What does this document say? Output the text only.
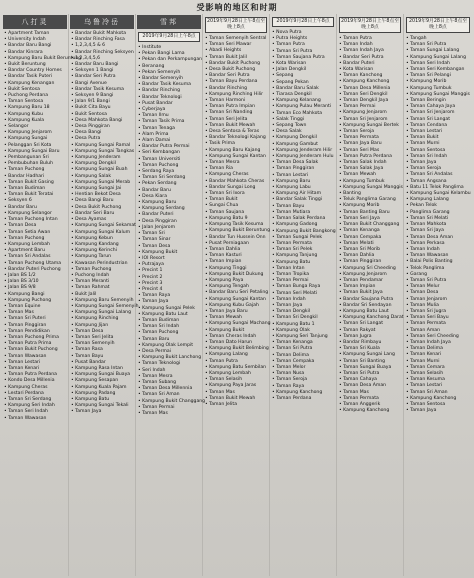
受影响的地区和时期
八打灵
• Apartment Taman
• University Indah
• Bandar Baru Bangi
• Bandar Kinrara
• Kampung Baru Bukit Beruntung
• Bukit Beruntung
• Bandar Country Homes
• Bandar Tasik Puteri
• Kampung Kenangan
• Bukit Sentosa
• Puchong Perdana
• Taman Sentosa
• Kampung Baru 18
• Kampung Kubu
• Kampung Kuala
• Selangor
• Kampung Jenjarom
• Kampung Sungai
• Pelanggan Sri Kota
• Kampung Sungai Baru
• Pembangunan Sri
• Pembubuhan Buluh
• Taman Puchong
• Bandar Hadhari
• Taman Bukit Gasing
• Taman Budiman
• Taman Bukit Teratai
• Seksyen 6
• Bandar Baru
• Kampung Selangor
• Taman Puchong Intan
• Taman Desa
• Taman Setia Awan
• Taman Puchong
• Kampung Lembah
• Apartment Baru
• Taman Sri Andalas
• Taman Puchong Utama
• Bandar Puteri Puchong
• Jalan BS 1/2
• Jalan BS 3/10
• Jalan BS 9/8
• Kampung Bangi
• Kampung Puchong
• Taman Equine
• Taman Mas
• Taman Sri Puteri
• Taman Pinggiran
• Taman Pendidikan
• Taman Puchong Prima
• Taman Putra Prima
• Taman Bukit Puchong
• Taman Wawasan
• Taman Lestari
• Taman Kenari
• Taman Putra Perdana
• Kondo Desa Millenia
• Kampung Cheras
• Lestari Perdana
• Taman Sri Serdang
• Kampung Seri Indah
• Taman Seri Indah
• Taman Wawasan
乌鲁冷岳
• Bandar Bukit Mahkota
• Bandar Rinching Fasa
• 1,2,3,4,5 & 6
• Bandar Rinching Seksyen
• 1,2,3,4,5,6
• Bandar Baru Bangi
• Seksyen 1 Bangi
• Bandar Seri Putra
• Bangi Avenue
• Bandar Tasik Kesuma
• Seksyen 9 Bangi
• Jalan 9/1 Bangi
• Bukit Cita Bayu
• Bukit Sentosa
• Desa Mahkota Bangi
• Desa Pinggiran
• Desa Bangi
• Desa Putra
• Kampung Sungai Ramal
• Kampung Sungai Tangkas
• Kampung Jenderam
• Kampung Dengkil
• Kampung Sungai Buah
• Kampung Salak
• Kampung Sungai Merab
• Kampung Sungai Jai
• Hentian Bekot Desa
• Desa Bangi Baru
• Desa Bukit Puchong
• Bandar Seri Baru
• Desa Ayamas
• Kampung Sungai Sekamat
• Kampung Sungai Kalum
• Kampung Kebun
• Kampung Kandang
• Kampung Kerinchi
• Kampung Tarun
• Kawasan Perindustrian
• Taman Puchong
• Puchong Indah
• Taman Meranti
• Taman Rahmat
• Bukit Jalil
• Kampung Baru Semenyih
• Kampung Sungai Semenyih
• Kampung Sungai Lalang
• Kampung Rinching
• Kampung Jijan
• Taman Desa
• Taman Seri Jelita
• Taman Semenyih
• Taman Rasa
• Taman Bayu
• Pusat Bandar
• Kampung Rasa Intan
• Kampung Sungai Buaya
• Kampung Sesapan
• Kampung Kuala Pajam
• Kampung Padang
• Kampung Batu
• Kampung Sungai Tekali
• Taman Jaya
雪邦
2019年9月28日上午8点
• Institute
• Pekan Bangi Lama
• Pekan dan Perkampungan
• Beranang
• Pekan Semenyih
• Bandar Semenyih
• Bandar Tasik Kesuma
• Bandar Rinching
• Bandar Teknologi
• Pusat Bandar
• Cyberjaya
• Taman Ilmu
• Taman Tasik Prima
• Taman Tenaga
• Alam Prima
• Alam Damai
• Bandar Putra Permai
• Seri Kembangan
• Taman Universiti
• Taman Puchong
• Serdang Raya
• Taman Sri Serdang
• Pekan Serdang
• Bandar Baru
• Desa Kiara
• Kampung Baru
• Kampung Serdang
• Bandar Puteri
• Desa Pinggiran
• Jalan Jenjarom
• Taman Sri
• Taman Sinar
• Taman Desa
• Kampung Bukit
• IOI Resort
• Putrajaya
• Precint 1
• Precint 2
• Precint 3
• Precint 4
• Taman Raya
• Taman Jaya
• Kampung Sungai Pelek
• Kampung Batu Laut
• Taman Budiman
• Taman Sri Indah
• Taman Puchong
• Taman Baru
• Kampung Olak Lempit
• Desa Permai
• Kampung Bukit Lanchong
• Taman Teknologi
• Seri Indah
• Taman Mesra
• Taman Subang
• Taman Desa Millennia
• Taman Sri Aman
• Kampung Bukit Changgang
• Taman Permai
• Taman Mas
2019年9月28日上午8点至晚上8点
• Taman Semenyih Sentral
• Taman Seri Mawar
• Abadi Heights
• Taman Bukit Jalil
• Bandar Bukit Puchong
• Desa Bukit Puchong
• Bandar Seri Putra
• Taman Bayu Perdana
• Bandar Rinching
• Kampung Rinching Hilir
• Taman Harmoni
• Taman Putra Impian
• Taman Sri Nanding
• Taman Seri Jelita
• Taman Bukit Mewah
• Desa Sentosa & Teras
• Bandar Teknologi Kajang
• Tasik Prima
• Kampung Baru Kajang
• Kampung Sungai Kantan
• Taman Mesra
• Taman Ria
• Kampung Cheras
• Bandar Mahkota Cheras
• Bandar Sungai Long
• Taman Sri Ixora
• Taman Bukit
• Sungai Chua
• Taman Saujana
• Kampung Batu 9
• Kampung Tasik Kesuma
• Kampung Bukit Beruntung
• Bandar Tun Hussein Onn
• Pusat Perniagaan
• Taman Dahlia
• Taman Kasturi
• Taman Impian
• Kampung Tinggi
• Kampung Bukit Dukung
• Kampung Paya
• Kampung Tengah
• Bandar Baru Seri Petaling
• Kampung Sungai Kantan
• Kampung Kubu Gajah
• Taman Jaya Baru
• Taman Mewah
• Kampung Sungai Machang
• Kampung Bukit
• Taman Cheras Indah
• Taman Dato Harun
• Kampung Bukit Belimbing
• Kampung Lalang
• Taman Putra
• Kampung Batu Sembilan
• Kampung Lembah
• Taman Selasih
• Kampung Paya Jaras
• Taman Mas
• Taman Bukit Mewah
• Taman Jelita
2019年9月28日上午8点
• Nova Putra
• Putra Heights
• Taman Putra
• Taman Sri Putra
• Taman Saujana Putra
• Kota Warisan
• Jalan Dengkil
• Sepang
• Sepang Pekan
• Bandar Baru Salak
• Tiarasa Dengkil
• Kampung Kelanang
• Kampung Pulau Meranti
• Taman Eco Mahkota
• Salak Tinggi
• Sepang Town
• Desa Salak
• Kampung Dengkil
• Kampung Gambut
• Kampung Jenderam Hilir
• Kampung Jenderam Hulu
• Taman Desa Salak
• Taman Pinggiran
• Taman Lestari
• Kampung Baru
• Kampung Labu
• Kampung Air Hitam
• Bandar Salak Tinggi
• Taman Bayu
• Taman Mutiara
• Taman Salak Perdana
• Kampung Gadong
• Kampung Bukit Bangkong
• Taman Sungai Pelek
• Taman Permata
• Taman Sri Pelek
• Kampung Tanjung
• Kampung Batu
• Taman Intan
• Taman Tropika
• Taman Permai
• Taman Bunga Raya
• Taman Seri Melati
• Taman Indah
• Taman Jaya
• Taman Dengkil
• Taman Sri Dengkil
• Kampung Batu 1
• Kampung Olak
• Kampung Seri Tanjung
• Taman Kenanga
• Taman Sri Putra
• Taman Delima
• Taman Cempaka
• Taman Melor
• Taman Nusa
• Taman Seroja
• Taman Raya
• Kampung Kanchong
• Taman Perdana
2019年9月28日上午8点至晚上8点
• Taman Putra
• Taman Indah
• Taman Indah Jaya
• Bandar Seri Putra
• Bandar Puteri
• Kota Warisan
• Taman Kanchong
• Kampung Kanchong
• Taman Desa Millenia
• Taman Seri Dengkil
• Taman Dengkil Jaya
• Taman Permai
• Kampung Jenjarom
• Taman Sri Jenjarom
• Kampung Sungai Bertek
• Taman Seroja
• Taman Permata
• Taman Jaya Baru
• Taman Seri Mas
• Taman Putra Perdana
• Taman Salak Indah
• Taman Salak Jaya
• Taman Mewah
• Kampung Tumbuk
• Kampung Sungai Manggis
• Banting
• Teluk Panglima Garang
• Kampung Morib
• Taman Banting Baru
• Taman Seri Jaya
• Taman Bukit Changgang
• Taman Kenanga
• Taman Cempaka
• Taman Melati
• Taman Sri Morib
• Taman Dahlia
• Taman Pinggiran
• Kampung Sri Cheeding
• Kampung Jenjarom
• Taman Pendamar
• Taman Impian
• Taman Bukit Jaya
• Bandar Saujana Putra
• Bandar Sri Sendayan
• Kampung Batu Laut
• Kampung Kanchong Darat
• Taman Sri Langat
• Taman Rakyat
• Taman Jugra
• Bandar Rimbayu
• Taman Sri Kuala
• Kampung Sungai Lang
• Taman Sri Banting
• Taman Sungai Buaya
• Taman Sri Putra
• Taman Cahaya
• Taman Desa Aman
• Taman Mas
• Taman Permata
• Taman Anggerik
• Kampung Kanchong
2019年9月28日上午8点至晚上8点
• Tangah
• Taman Sri Putra
• Taman Sungai Lalang
• Kampung Sungai Lalang
• Taman Seri Indah
• Taman Seri Kembangan
• Taman Sri Pelangi
• Kampung Morib
• Kampung Tumbuk
• Kampung Sungai Manggis
• Taman Beringin
• Taman Cahaya Jaya
• Taman Sri Jenjarom
• Taman Sri Langat
• Taman Cendana
• Taman Lestari
• Taman Bukit
• Taman Murni
• Taman Sentosa
• Taman Sri Indah
• Taman Jaya
• Taman Seroja
• Taman Sri Andalas
• Taman Angsana
• Batu 11 Telok Panglima
• Kampung Sungai Kelambu
• Kampung Lalang
• Pekan Telok
• Panglima Garang
• Taman Sri Melati
• Taman Mahkota
• Taman Sri Jaya
• Taman Desa Aman
• Taman Perkasa
• Taman Indah
• Taman Wawasan
• Balai Polis Banting
• Telok Panglima
• Garang
• Taman Sri Putra
• Taman Melur
• Taman Desa
• Taman Jenjarom
• Taman Mulia
• Taman Sri Jugra
• Taman Seri Bayu
• Taman Permata
• Taman Aman
• Taman Seri Cheeding
• Taman Indah Jaya
• Taman Delima
• Taman Kenari
• Taman Murni
• Taman Cemara
• Taman Selasih
• Taman Kesuma
• Taman Lestari
• Taman Sri Aman
• Kampung Kanchong
• Taman Sentosa
• Taman Jaya
